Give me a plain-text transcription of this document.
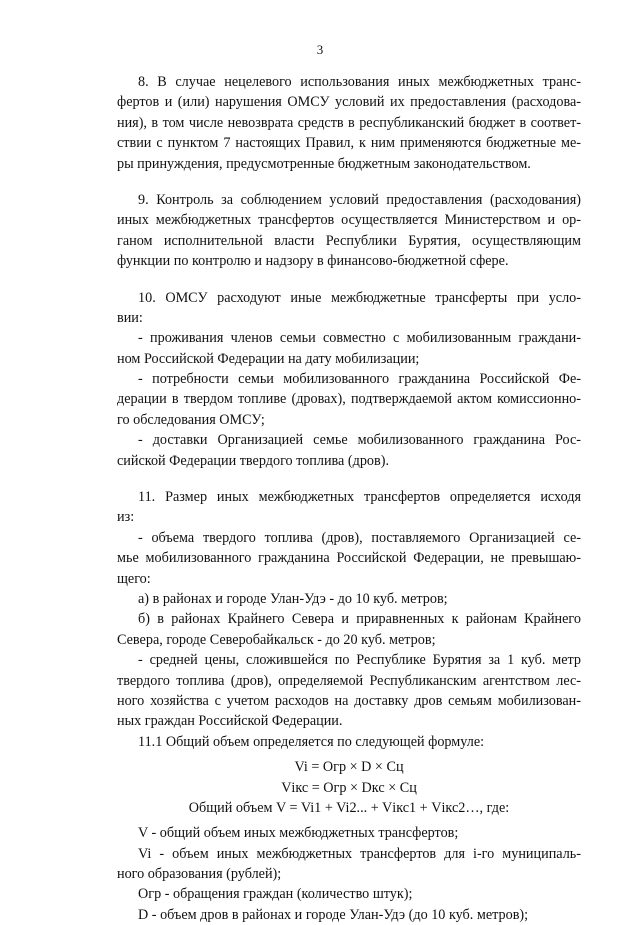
3
8. В случае нецелевого использования иных межбюджетных транс-
фертов и (или) нарушения ОМСУ условий их предоставления (расходова-
ния), в том числе невозврата средств в республиканский бюджет в соответ-
ствии с пунктом 7 настоящих Правил, к ним применяются бюджетные ме-
ры принуждения, предусмотренные бюджетным законодательством.
9. Контроль за соблюдением условий предоставления (расходования)
иных межбюджетных трансфертов осуществляется Министерством и ор-
ганом исполнительной власти Республики Бурятия, осуществляющим
функции по контролю и надзору в финансово-бюджетной сфере.
10. ОМСУ расходуют иные межбюджетные трансферты при усло-
вии:
- проживания членов семьи совместно с мобилизованным граждани-
ном Российской Федерации на дату мобилизации;
- потребности семьи мобилизованного гражданина Российской Фе-
дерации в твердом топливе (дровах), подтверждаемой актом комиссионно-
го обследования ОМСУ;
- доставки Организацией семье мобилизованного гражданина Рос-
сийской Федерации твердого топлива (дров).
11. Размер иных межбюджетных трансфертов определяется исходя
из:
- объема твердого топлива (дров), поставляемого Организацией се-
мье мобилизованного гражданина Российской Федерации, не превышаю-
щего:
а) в районах и городе Улан-Удэ - до 10 куб. метров;
б) в районах Крайнего Севера и приравненных к районам Крайнего
Севера, городе Северобайкальск - до 20 куб. метров;
- средней цены, сложившейся по Республике Бурятия за 1 куб. метр
твердого топлива (дров), определяемой Республиканским агентством лес-
ного хозяйства с учетом расходов на доставку дров семьям мобилизован-
ных граждан Российской Федерации.
11.1 Общий объем определяется по следующей формуле:
Vi = Огр × D × Сц
Vікс = Огр × Dкс × Сц
Общий объем V = Vi1 + Vi2... + Vікс1 + Vікс2…, где:
V - общий объем иных межбюджетных трансфертов;
Vi - объем иных межбюджетных трансфертов для i-го муниципаль-
ного образования (рублей);
Огр - обращения граждан (количество штук);
D - объем дров в районах и городе Улан-Удэ (до 10 куб. метров);
